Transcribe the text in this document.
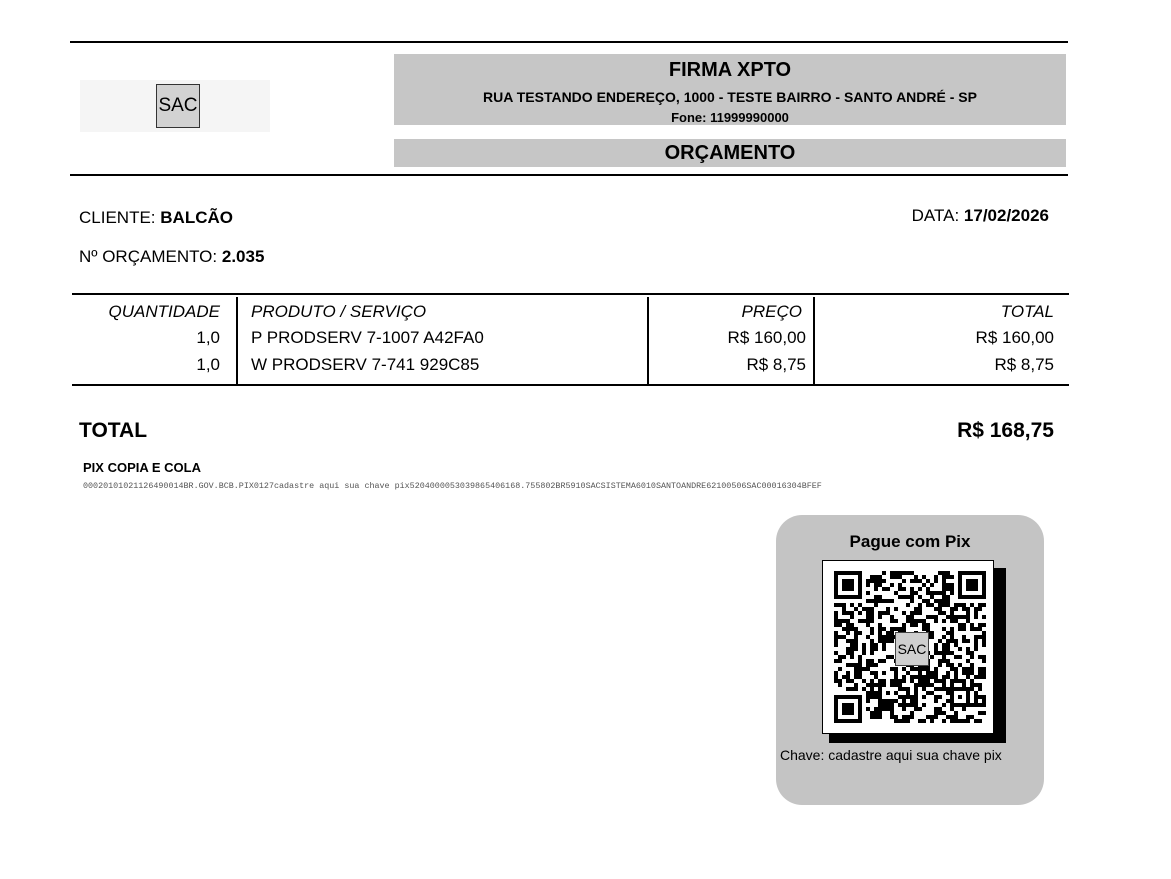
SAC
FIRMA XPTO
RUA TESTANDO ENDEREÇO, 1000 - TESTE BAIRRO - SANTO ANDRÉ - SP
Fone: 11999990000
ORÇAMENTO
CLIENTE: BALCÃO	DATA: 17/02/2026
Nº ORÇAMENTO: 2.035
QUANTIDADE PRODUTO / SERVIÇO	PREÇO	TOTAL
1,0 P PRODSERV 7-1007 A42FA0	R$ 160,00	R$ 160,00
1,0 W PRODSERV 7-741 929C85	R$ 8,75	R$ 8,75
TOTAL	R$ 168,75
PIX COPIA E COLA
00020101021126490014BR.GOV.BCB.PIX0127cadastre aqui sua chave pix5204000053039865406168.755802BR5910SACSISTEMA6010SANTOANDRE62100506SAC00016304BFEF
Pague com Pix
SAC
Chave: cadastre aqui sua chave pix
